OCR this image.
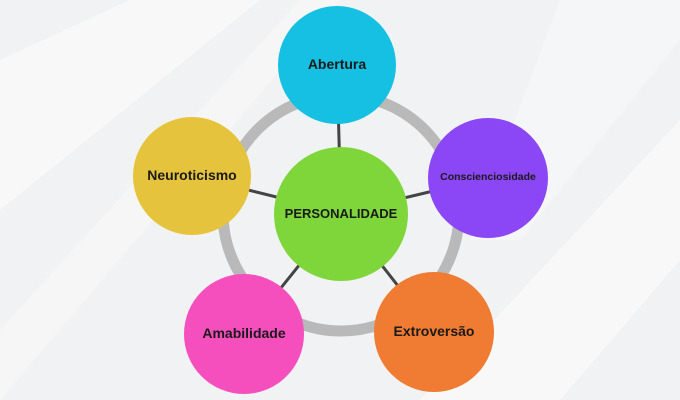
Abertura
Conscienciosidade
Extroversão
Amabilidade
Neuroticismo
PERSONALIDADE
